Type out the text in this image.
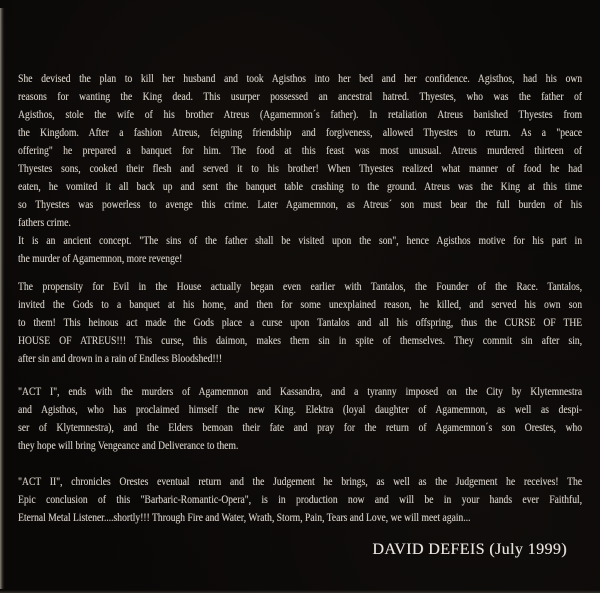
She devised the plan to kill her husband and took Agisthos into her bed and her confidence. Agisthos, had his own
reasons for wanting the King dead. This usurper possessed an ancestral hatred. Thyestes, who was the father of
Agisthos, stole the wife of his brother Atreus (Agamemnon´s father). In retaliation Atreus banished Thyestes from
the Kingdom. After a fashion Atreus, feigning friendship and forgiveness, allowed Thyestes to return. As a "peace
offering" he prepared a banquet for him. The food at this feast was most unusual. Atreus murdered thirteen of
Thyestes sons, cooked their flesh and served it to his brother! When Thyestes realized what manner of food he had
eaten, he vomited it all back up and sent the banquet table crashing to the ground. Atreus was the King at this time
so Thyestes was powerless to avenge this crime. Later Agamemnon, as Atreus´ son must bear the full burden of his
fathers crime.
It is an ancient concept. "The sins of the father shall be visited upon the son", hence Agisthos motive for his part in
the murder of Agamemnon, more revenge!
The propensity for Evil in the House actually began even earlier with Tantalos, the Founder of the Race. Tantalos,
invited the Gods to a banquet at his home, and then for some unexplained reason, he killed, and served his own son
to them! This heinous act made the Gods place a curse upon Tantalos and all his offspring, thus the CURSE OF THE
HOUSE OF ATREUS!!! This curse, this daimon, makes them sin in spite of themselves. They commit sin after sin,
after sin and drown in a rain of Endless Bloodshed!!!
"ACT I", ends with the murders of Agamemnon and Kassandra, and a tyranny imposed on the City by Klytemnestra
and Agisthos, who has proclaimed himself the new King. Elektra (loyal daughter of Agamemnon, as well as despi-
ser of Klytemnestra), and the Elders bemoan their fate and pray for the return of Agamemnon´s son Orestes, who
they hope will bring Vengeance and Deliverance to them.
"ACT II", chronicles Orestes eventual return and the Judgement he brings, as well as the Judgement he receives! The
Epic conclusion of this "Barbaric-Romantic-Opera", is in production now and will be in your hands ever Faithful,
Eternal Metal Listener....shortly!!! Through Fire and Water, Wrath, Storm, Pain, Tears and Love, we will meet again...
DAVID DEFEIS (July 1999)
